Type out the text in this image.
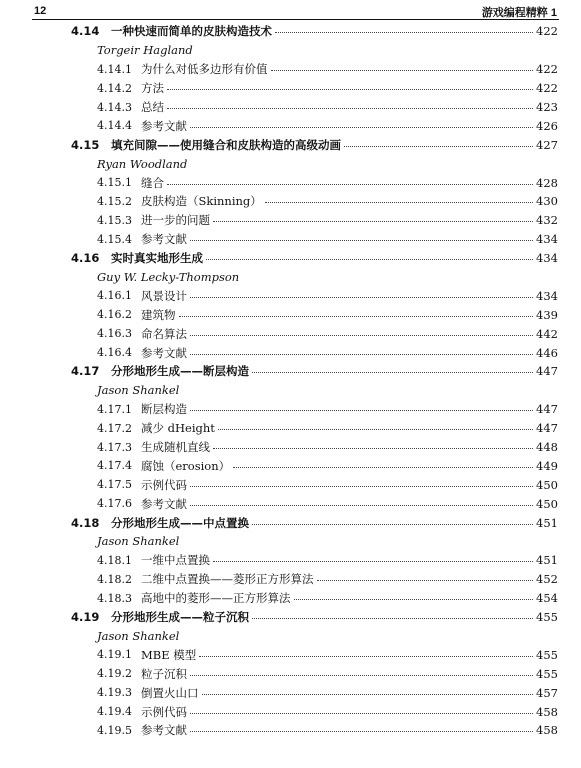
12	游戏编程精粹 1
4.14	一种快速而简单的皮肤构造技术	422
Torgeir Hagland
4.14.1 为什么对低多边形有价值	422
4.14.2 方法	422
4.14.3 总结	423
4.14.4 参考文献	426
4.15	填充间隙——使用缝合和皮肤构造的高级动画	427
Ryan Woodland
4.15.1 缝合	428
4.15.2 皮肤构造（Skinning）	430
4.15.3 进一步的问题	432
4.15.4 参考文献	434
4.16	实时真实地形生成	434
Guy W. Lecky-Thompson
4.16.1 风景设计	434
4.16.2 建筑物	439
4.16.3 命名算法	442
4.16.4 参考文献	446
4.17	分形地形生成——断层构造	447
Jason Shankel
4.17.1 断层构造	447
4.17.2 减少 dHeight	447
4.17.3 生成随机直线	448
4.17.4 腐蚀（erosion）	449
4.17.5 示例代码	450
4.17.6 参考文献	450
4.18	分形地形生成——中点置换	451
Jason Shankel
4.18.1 一维中点置换	451
4.18.2 二维中点置换——菱形正方形算法	452
4.18.3 高地中的菱形——正方形算法	454
4.19	分形地形生成——粒子沉积	455
Jason Shankel
4.19.1 MBE 模型	455
4.19.2 粒子沉积	455
4.19.3 倒置火山口	457
4.19.4 示例代码	458
4.19.5 参考文献	458
